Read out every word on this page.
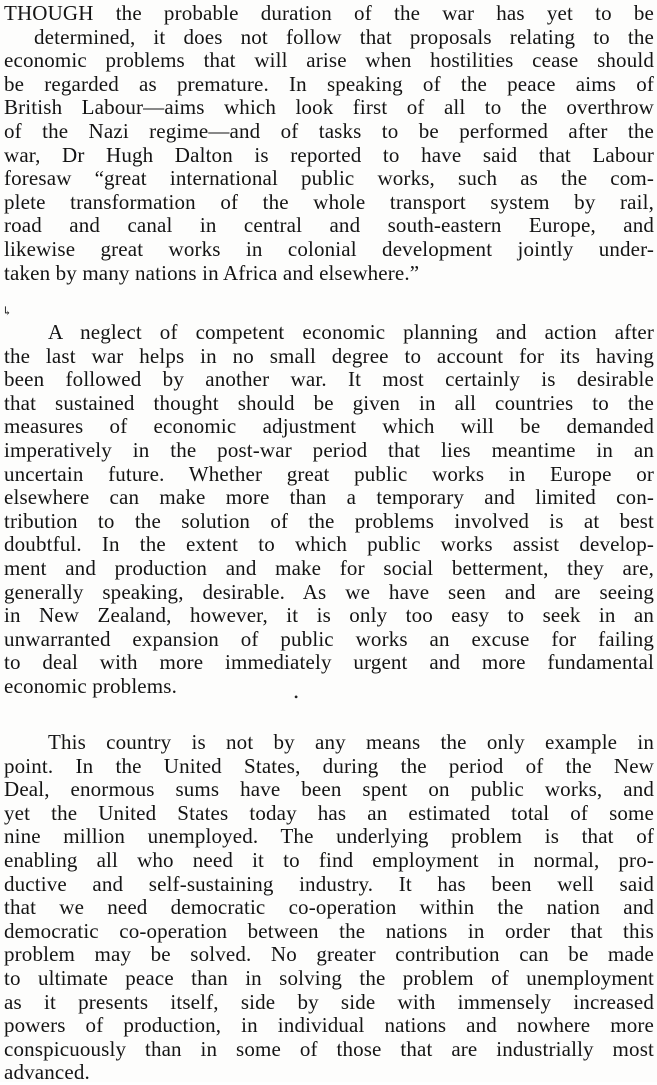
THOUGH the probable duration of the war has yet to be
determined, it does not follow that proposals relating to the
economic problems that will arise when hostilities cease should
be regarded as premature. In speaking of the peace aims of
British Labour—aims which look first of all to the overthrow
of the Nazi regime—and of tasks to be performed after the
war, Dr Hugh Dalton is reported to have said that Labour
foresaw “great international public works, such as the com-
plete transformation of the whole transport system by rail,
road and canal in central and south-eastern Europe, and
likewise great works in colonial development jointly under-
taken by many nations in Africa and elsewhere.”
↳
A neglect of competent economic planning and action after
the last war helps in no small degree to account for its having
been followed by another war. It most certainly is desirable
that sustained thought should be given in all countries to the
measures of economic adjustment which will be demanded
imperatively in the post-war period that lies meantime in an
uncertain future. Whether great public works in Europe or
elsewhere can make more than a temporary and limited con-
tribution to the solution of the problems involved is at best
doubtful. In the extent to which public works assist develop-
ment and production and make for social betterment, they are,
generally speaking, desirable. As we have seen and are seeing
in New Zealand, however, it is only too easy to seek in an
unwarranted expansion of public works an excuse for failing
to deal with more immediately urgent and more fundamental
economic problems.	•
This country is not by any means the only example in
point. In the United States, during the period of the New
Deal, enormous sums have been spent on public works, and
yet the United States today has an estimated total of some
nine million unemployed. The underlying problem is that of
enabling all who need it to find employment in normal, pro-
ductive and self-sustaining industry. It has been well said
that we need democratic co-operation within the nation and
democratic co-operation between the nations in order that this
problem may be solved. No greater contribution can be made
to ultimate peace than in solving the problem of unemployment
as it presents itself, side by side with immensely increased
powers of production, in individual nations and nowhere more
conspicuously than in some of those that are industrially most
advanced.
